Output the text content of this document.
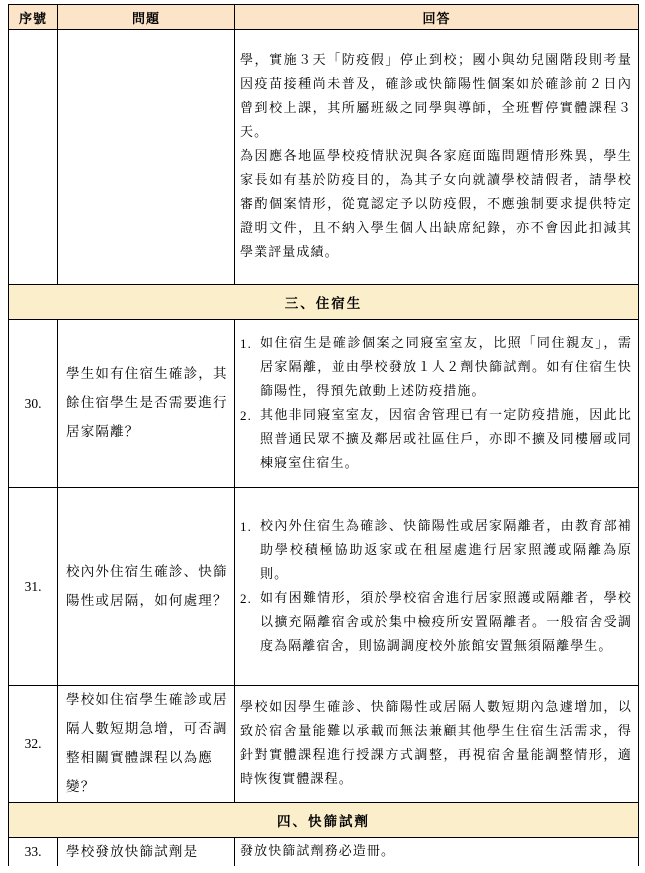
序號	問題	回答

		學，實施３天「防疫假」停止到校；國小與幼兒園階段則考量因疫苗接種尚未普及，確診或快篩陽性個案如於確診前２日內曾到校上課，其所屬班級之同學與導師，全班暫停實體課程３天。

為因應各地區學校疫情狀況與各家庭面臨問題情形殊異，學生家長如有基於防疫目的，為其子女向就讀學校請假者，請學校審酌個案情形，從寬認定予以防疫假，不應強制要求提供特定證明文件，且不納入學生個人出缺席紀錄，亦不會因此扣減其學業評量成績。

三、住宿生		
30.	學生如有住宿生確診，其餘住宿學生是否需要進行居家隔離？	1. 如住宿生是確診個案之同寢室室友，比照「同住親友」，需居家隔離，並由學校發放１人２劑快篩試劑。如有住宿生快篩陽性，得預先啟動上述防疫措施。
2. 其他非同寢室室友，因宿舍管理已有一定防疫措施，因此比照普通民眾不擴及鄰居或社區住戶，亦即不擴及同樓層或同棟寢室住宿生。

31.	校內外住宿生確診、快篩陽性或居隔，如何處理？	1. 校內外住宿生為確診、快篩陽性或居家隔離者，由教育部補助學校積極協助返家或在租屋處進行居家照護或隔離為原則。
2. 如有困難情形，須於學校宿舍進行居家照護或隔離者，學校以擴充隔離宿舍或於集中檢疫所安置隔離者。一般宿舍受調度為隔離宿舍，則協調調度校外旅館安置無須隔離學生。

32.	學校如住宿學生確診或居隔人數短期急增，可否調整相關實體課程以為應變？	學校如因學生確診、快篩陽性或居隔人數短期內急遽增加，以致於宿舍量能難以承載而無法兼顧其他學生住宿生活需求，得針對實體課程進行授課方式調整，再視宿舍量能調整情形，適時恢復實體課程。
四、快篩試劑		
33.	學校發放快篩試劑是	發放快篩試劑務必造冊。
